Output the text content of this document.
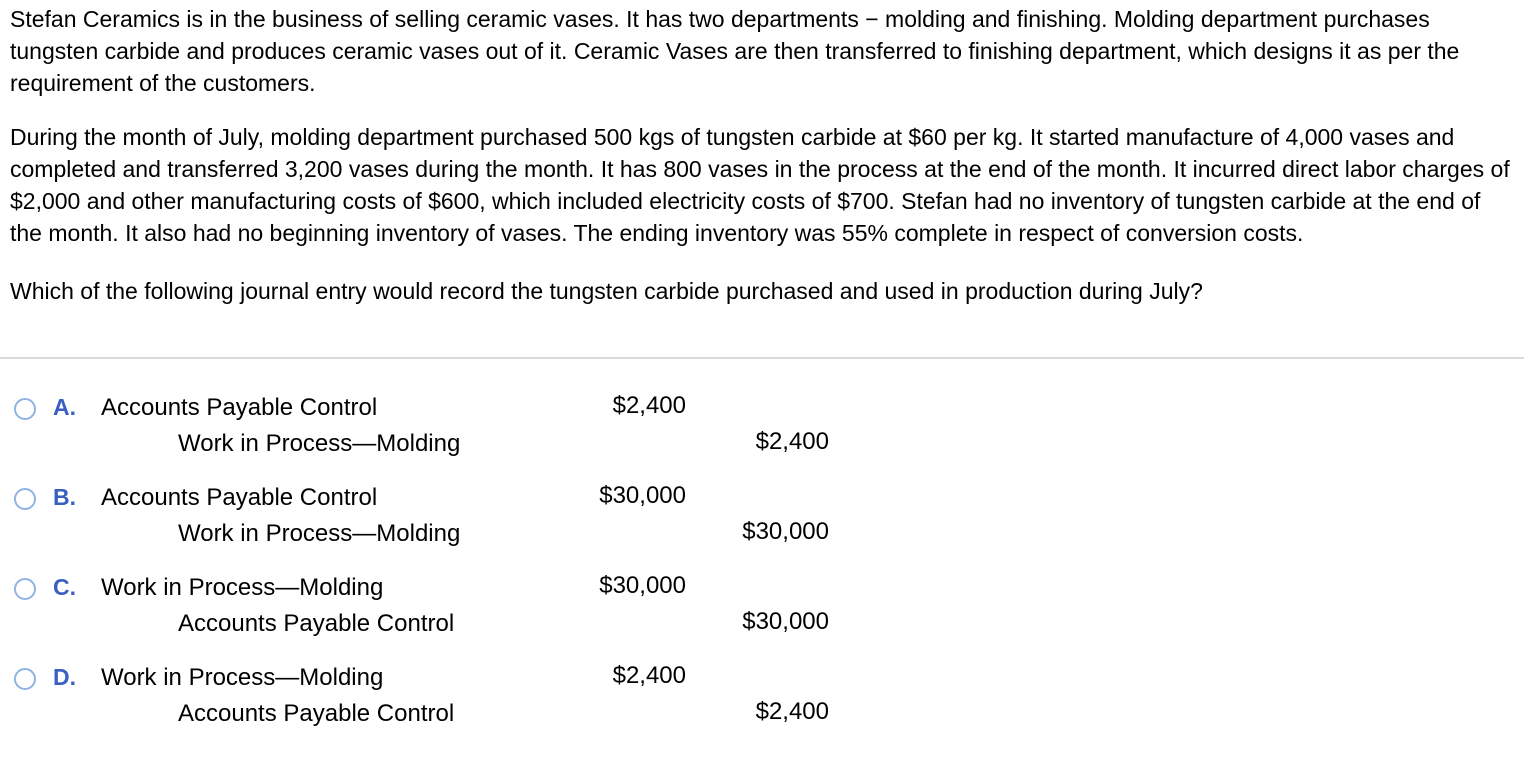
Stefan Ceramics is in the business of selling ceramic vases. It has two departments − molding and finishing. Molding department purchases tungsten carbide and produces ceramic vases out of it. Ceramic Vases are then transferred to finishing department, which designs it as per the requirement of the customers.

During the month of July, molding department purchased 500 kgs of tungsten carbide at $60 per kg. It started manufacture of 4,000 vases and completed and transferred 3,200 vases during the month. It has 800 vases in the process at the end of the month. It incurred direct labor charges of $2,000 and other manufacturing costs of $600, which included electricity costs of $700. Stefan had no inventory of tungsten carbide at the end of the month. It also had no beginning inventory of vases. The ending inventory was 55% complete in respect of conversion costs.

Which of the following journal entry would record the tungsten carbide purchased and used in production during July?

A. Accounts Payable Control	$2,400
Work in Process—Molding	$2,400
B. Accounts Payable Control	$30,000
Work in Process—Molding	$30,000
C. Work in Process—Molding	$30,000
Accounts Payable Control	$30,000
D. Work in Process—Molding	$2,400
Accounts Payable Control	$2,400
